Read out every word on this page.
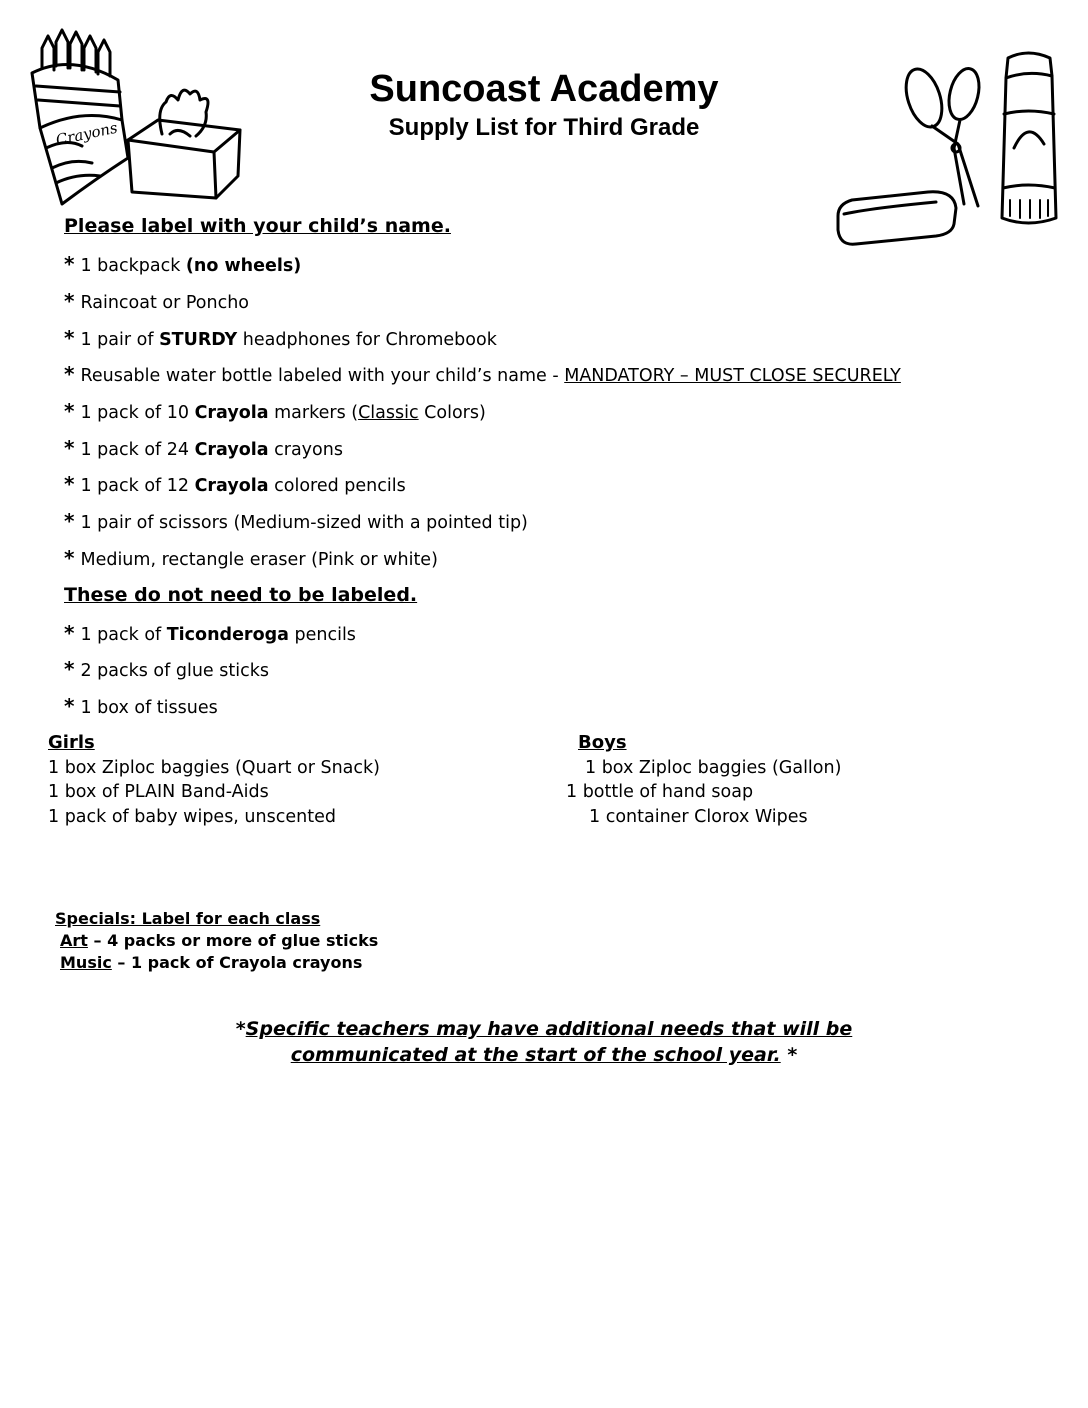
Suncoast Academy
Supply List for Third Grade
Crayons
Please label with your child’s name.
* 1 backpack (no wheels)
* Raincoat or Poncho
* 1 pair of STURDY headphones for Chromebook
* Reusable water bottle labeled with your child’s name - MANDATORY – MUST CLOSE SECURELY
* 1 pack of 10 Crayola markers (Classic Colors)
* 1 pack of 24 Crayola crayons
* 1 pack of 12 Crayola colored pencils
* 1 pair of scissors (Medium-sized with a pointed tip)
* Medium, rectangle eraser (Pink or white)
These do not need to be labeled.
* 1 pack of Ticonderoga pencils
* 2 packs of glue sticks
* 1 box of tissues
Girls
1 box Ziploc baggies (Quart or Snack)
1 box of PLAIN Band-Aids
1 pack of baby wipes, unscented
Boys
1 box Ziploc baggies (Gallon)
1 bottle of hand soap
1 container Clorox Wipes
Specials: Label for each class
Art – 4 packs or more of glue sticks
Music – 1 pack of Crayola crayons
*Specific teachers may have additional needs that will be
communicated at the start of the school year. *
